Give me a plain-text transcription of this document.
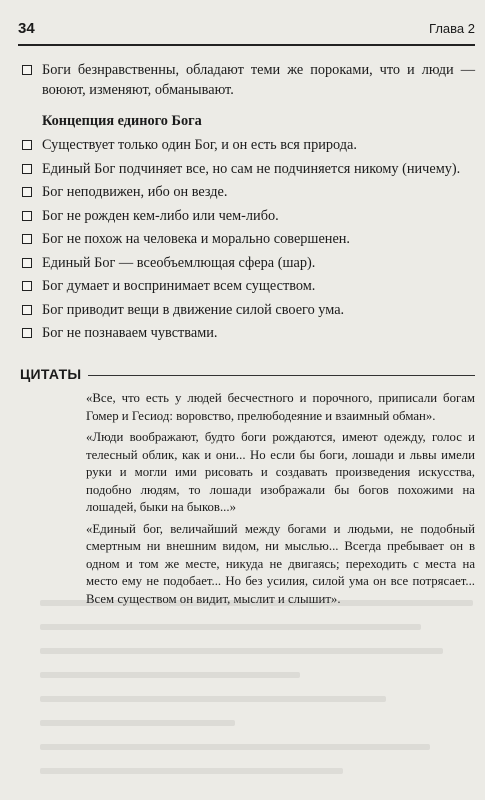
34	Глава 2
Боги безнравственны, обладают теми же пороками, что и люди — воюют, изменяют, обманывают.
Концепция единого Бога
Существует только один Бог, и он есть вся природа.
Единый Бог подчиняет все, но сам не подчиняется никому (ничему).
Бог неподвижен, ибо он везде.
Бог не рожден кем-либо или чем-либо.
Бог не похож на человека и морально совершенен.
Единый Бог — всеобъемлющая сфера (шар).
Бог думает и воспринимает всем существом.
Бог приводит вещи в движение силой своего ума.
Бог не познаваем чувствами.
ЦИТАТЫ

«Все, что есть у людей бесчестного и порочного, приписали богам Гомер и Гесиод: воровство, прелюбодеяние и взаимный обман».

«Люди воображают, будто боги рождаются, имеют одежду, голос и телесный облик, как и они... Но если бы боги, лошади и львы имели руки и могли ими рисовать и создавать произведения искусства, подобно людям, то лошади изображали бы богов похожими на лошадей, быки на быков...»

«Единый бог, величайший между богами и людьми, не подобный смертным ни внешним видом, ни мыслью... Всегда пребывает он в одном и том же месте, никуда не двигаясь; переходить с места на место ему не подобает... Но без усилия, силой ума он все потрясает... Всем существом он видит, мыслит и слышит».
